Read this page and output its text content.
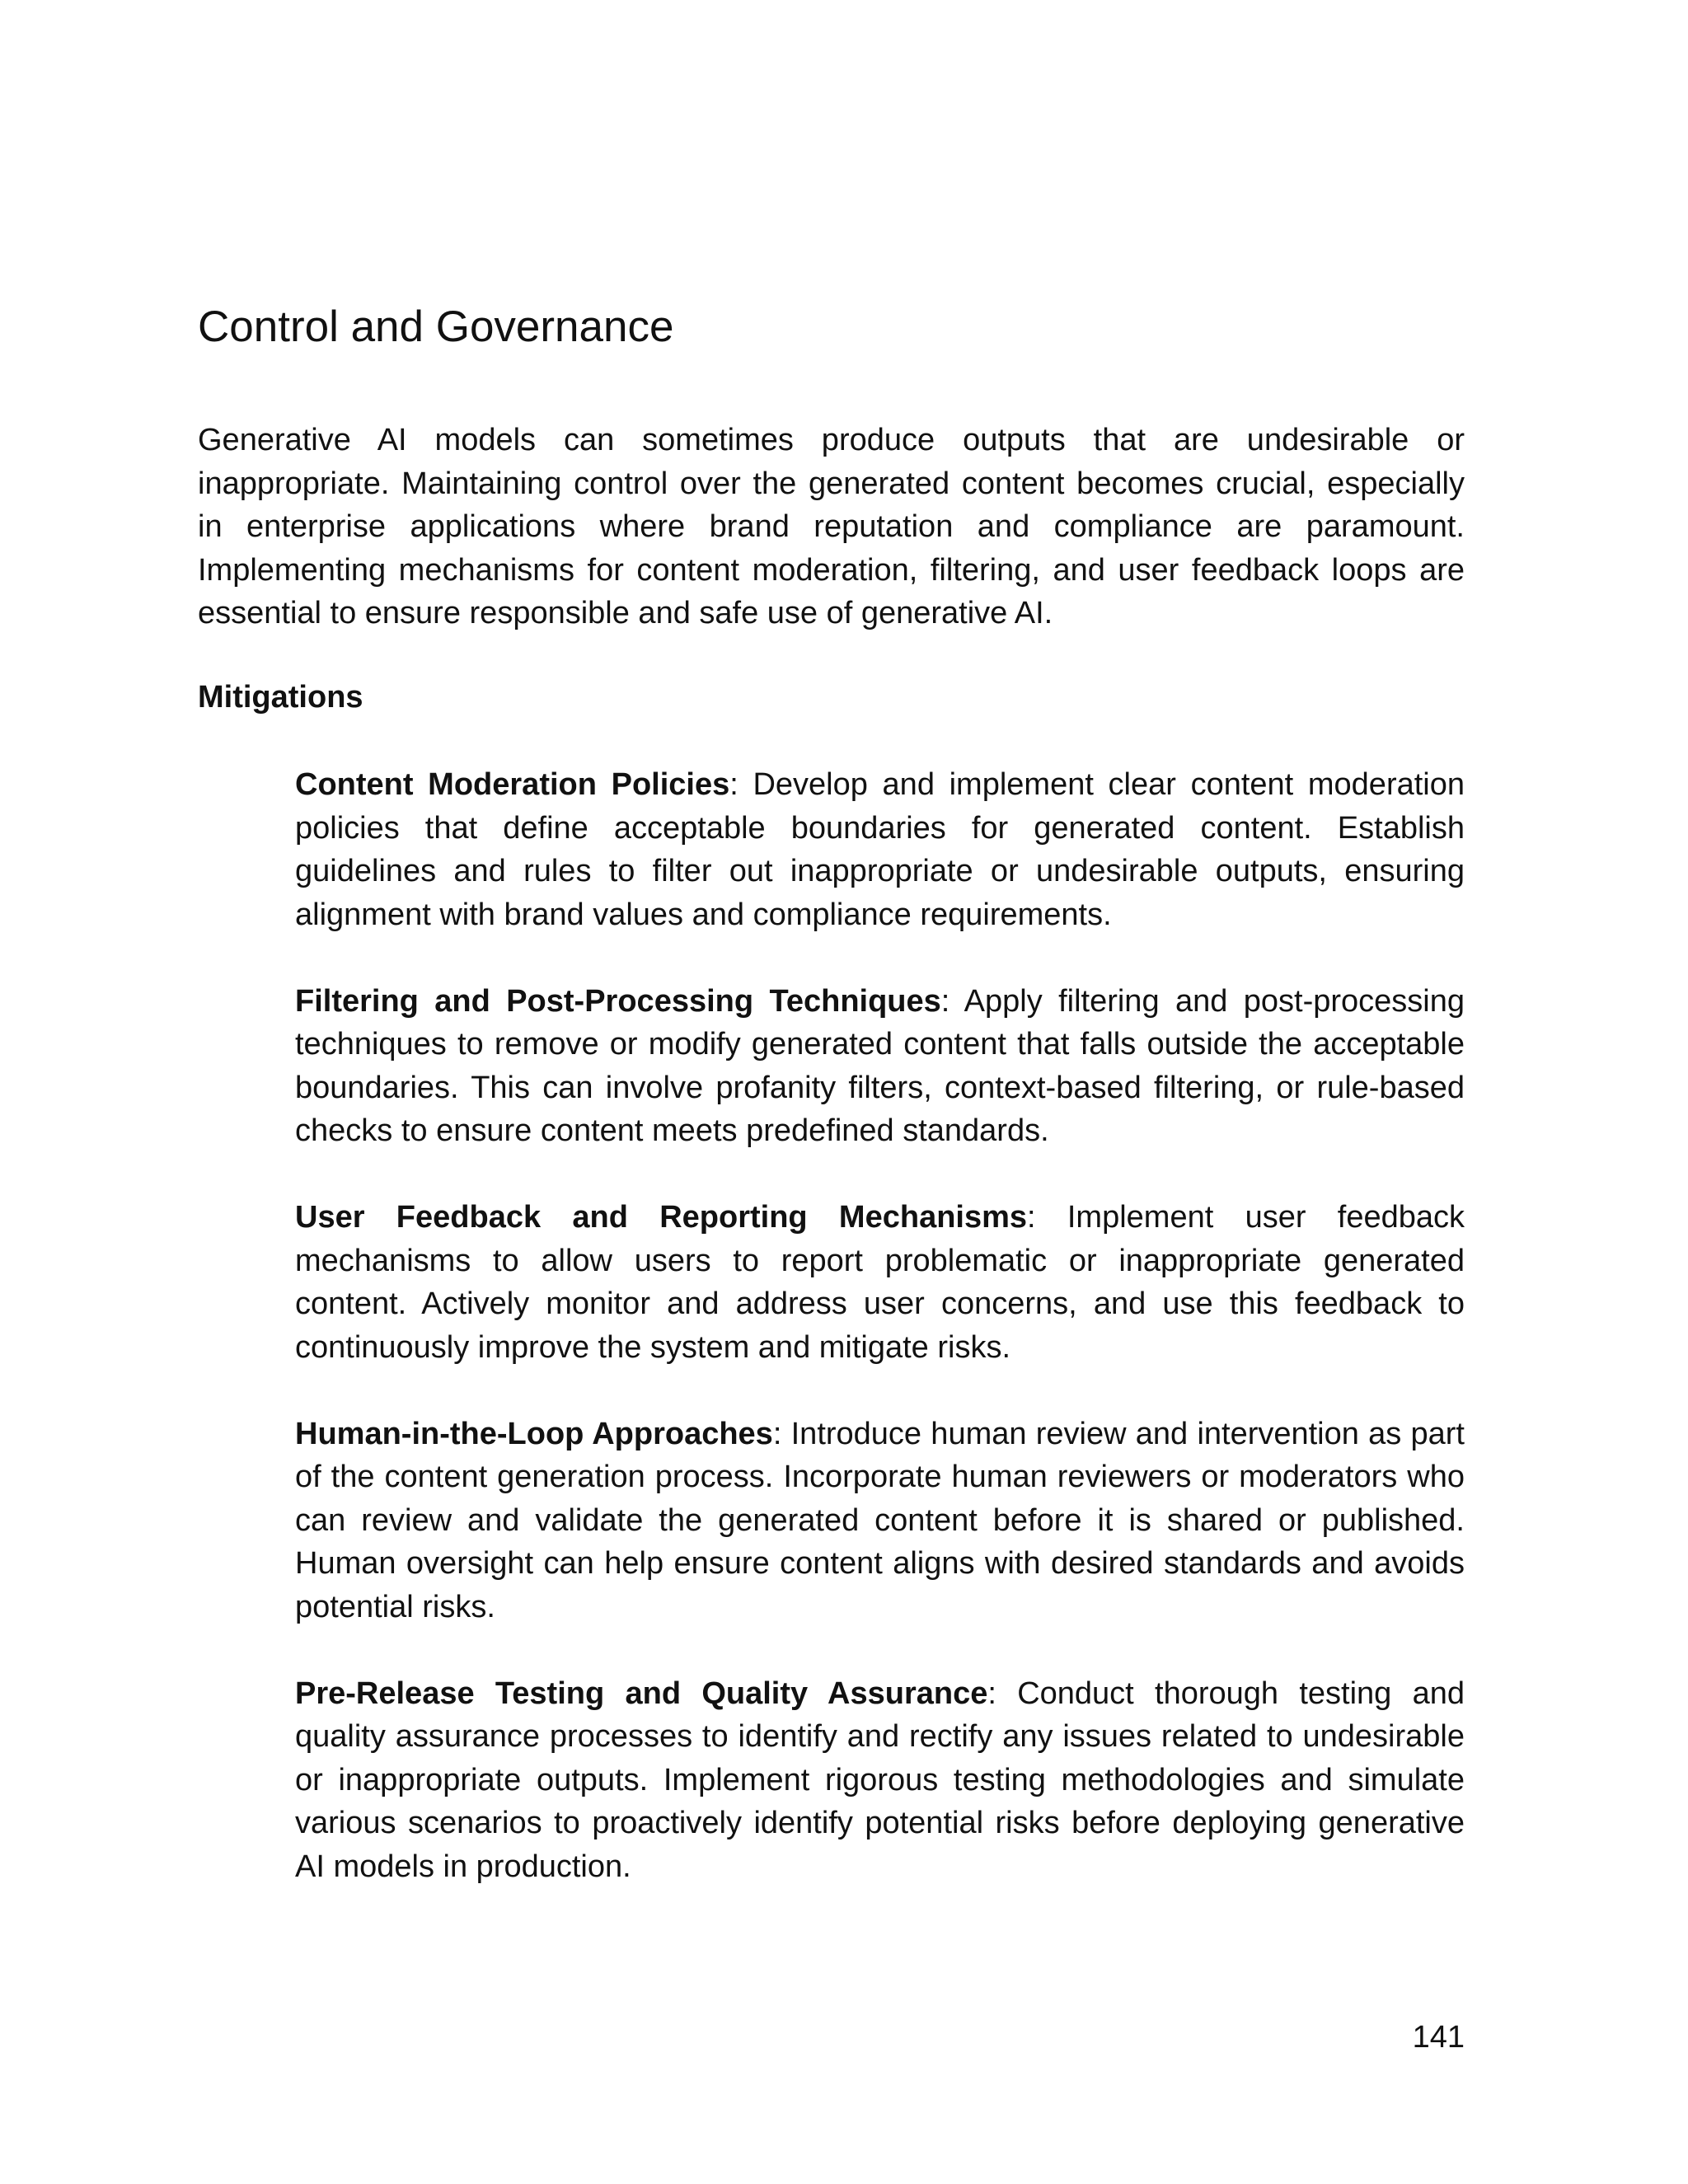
Control and Governance

Generative AI models can sometimes produce outputs that are undesirable or inappropriate. Maintaining control over the generated content becomes crucial, especially in enterprise applications where brand reputation and compliance are paramount. Implementing mechanisms for content moderation, filtering, and user feedback loops are essential to ensure responsible and safe use of generative AI.

Mitigations

Content Moderation Policies: Develop and implement clear content moderation policies that define acceptable boundaries for generated content. Establish guidelines and rules to filter out inappropriate or undesirable outputs, ensuring alignment with brand values and compliance requirements.
Filtering and Post-Processing Techniques: Apply filtering and post-processing techniques to remove or modify generated content that falls outside the acceptable boundaries. This can involve profanity filters, context-based filtering, or rule-based checks to ensure content meets predefined standards.
User Feedback and Reporting Mechanisms: Implement user feedback mechanisms to allow users to report problematic or inappropriate generated content. Actively monitor and address user concerns, and use this feedback to continuously improve the system and mitigate risks.
Human-in-the-Loop Approaches: Introduce human review and intervention as part of the content generation process. Incorporate human reviewers or moderators who can review and validate the generated content before it is shared or published. Human oversight can help ensure content aligns with desired standards and avoids potential risks.
Pre-Release Testing and Quality Assurance: Conduct thorough testing and quality assurance processes to identify and rectify any issues related to undesirable or inappropriate outputs. Implement rigorous testing methodologies and simulate various scenarios to proactively identify potential risks before deploying generative AI models in production.

141
